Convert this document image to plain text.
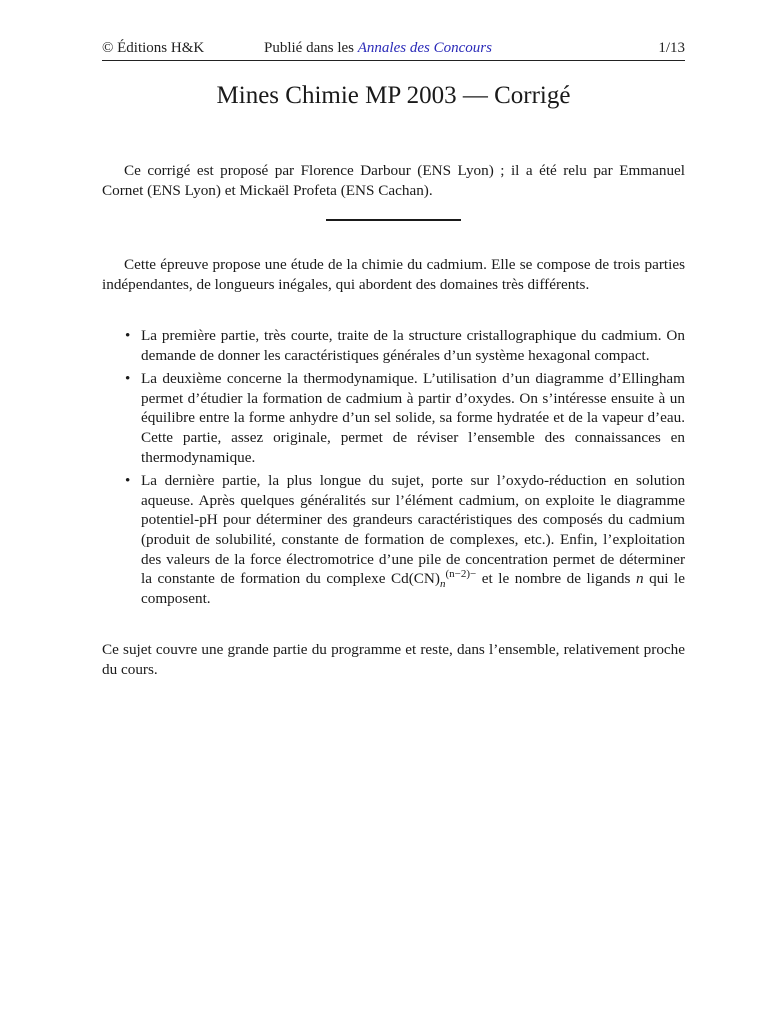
© Éditions H&K	Publié dans les Annales des Concours	1/13
Mines Chimie MP 2003 — Corrigé

Ce corrigé est proposé par Florence Darbour (ENS Lyon) ; il a été relu par Emmanuel Cornet (ENS Lyon) et Mickaël Profeta (ENS Cachan).

Cette épreuve propose une étude de la chimie du cadmium. Elle se compose de trois parties indépendantes, de longueurs inégales, qui abordent des domaines très différents.

• La première partie, très courte, traite de la structure cristallographique du cadmium. On demande de donner les caractéristiques générales d’un système hexagonal compact.
• La deuxième concerne la thermodynamique. L’utilisation d’un diagramme d’Ellingham permet d’étudier la formation de cadmium à partir d’oxydes. On s’intéresse ensuite à un équilibre entre la forme anhydre d’un sel solide, sa forme hydratée et de la vapeur d’eau. Cette partie, assez originale, permet de réviser l’ensemble des connaissances en thermodynamique.
• La dernière partie, la plus longue du sujet, porte sur l’oxydo-réduction en solution aqueuse. Après quelques généralités sur l’élément cadmium, on exploite le diagramme potentiel-pH pour déterminer des grandeurs caractéristiques des composés du cadmium (produit de solubilité, constante de formation de complexes, etc.). Enfin, l’exploitation des valeurs de la force électromotrice d’une pile de concentration permet de déterminer la constante de formation du complexe $Cd(CN)_n^{(n-2)-}$ et le nombre de ligands n qui le composent.

Ce sujet couvre une grande partie du programme et reste, dans l’ensemble, relativement proche du cours.
